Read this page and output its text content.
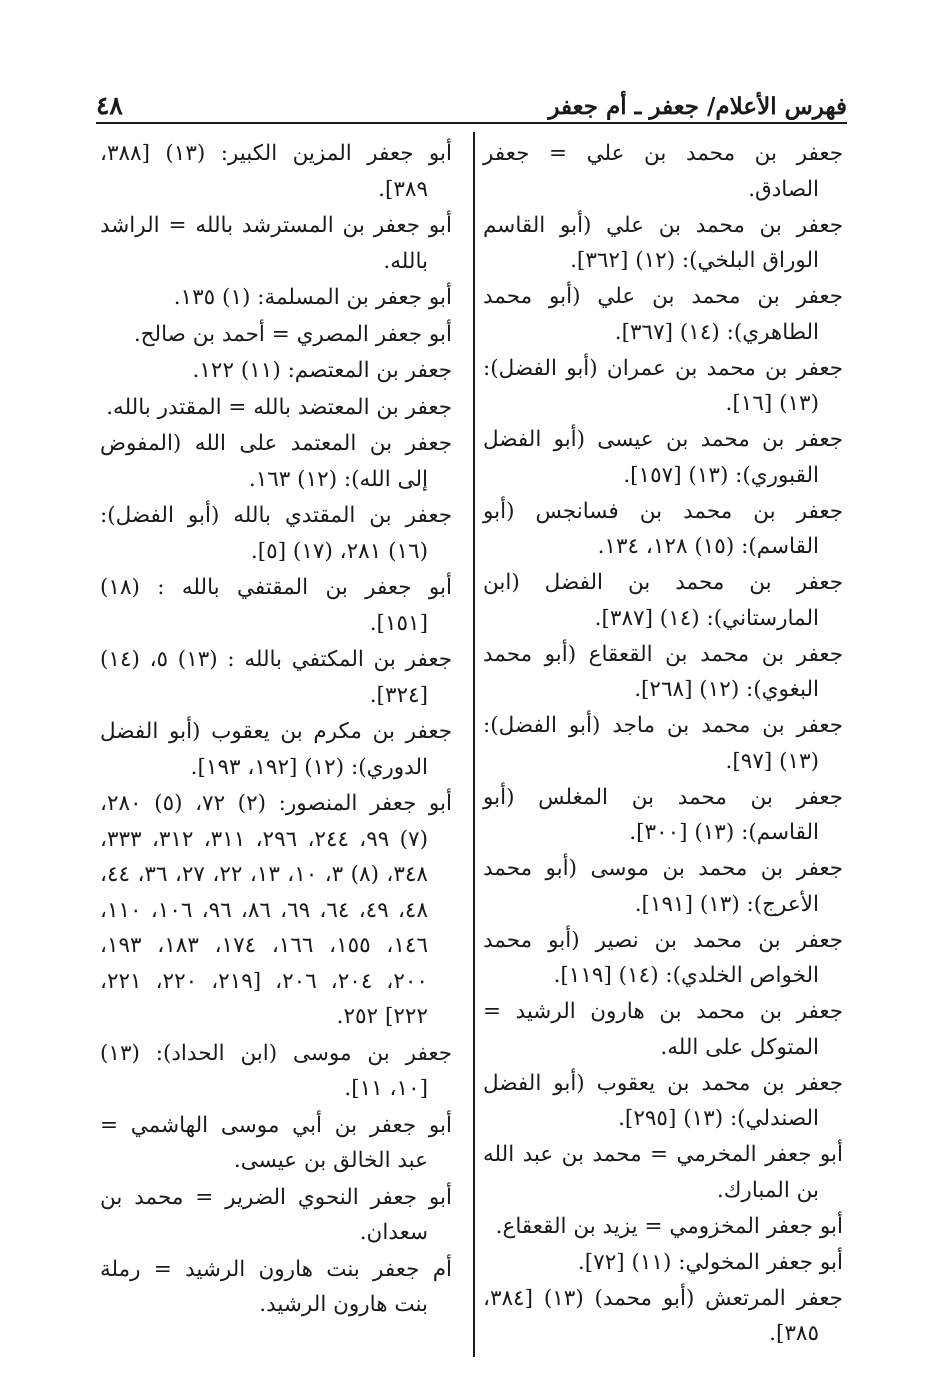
فهرس الأعلام/ جعفر ـ أم جعفر
٤٨

جعفر بن محمد بن علي = جعفر الصادق.

جعفر بن محمد بن علي (أبو القاسم الوراق البلخي): (١٢) [٣٦٢].

جعفر بن محمد بن علي (أبو محمد الطاهري): (١٤) [٣٦٧].

جعفر بن محمد بن عمران (أبو الفضل): (١٣) [١٦].

جعفر بن محمد بن عيسى (أبو الفضل القبوري): (١٣) [١٥٧].

جعفر بن محمد بن فسانجس (أبو القاسم): (١٥) ١٢٨، ١٣٤.

جعفر بن محمد بن الفضل (ابن المارستاني): (١٤) [٣٨٧].

جعفر بن محمد بن القعقاع (أبو محمد البغوي): (١٢) [٢٦٨].

جعفر بن محمد بن ماجد (أبو الفضل): (١٣) [٩٧].

جعفر بن محمد بن المغلس (أبو القاسم): (١٣) [٣٠٠].

جعفر بن محمد بن موسى (أبو محمد الأعرج): (١٣) [١٩١].

جعفر بن محمد بن نصير (أبو محمد الخواص الخلدي): (١٤) [١١٩].

جعفر بن محمد بن هارون الرشيد = المتوكل على الله.

جعفر بن محمد بن يعقوب (أبو الفضل الصندلي): (١٣) [٢٩٥].

أبو جعفر المخرمي = محمد بن عبد الله بن المبارك.

أبو جعفر المخزومي = يزيد بن القعقاع.

أبو جعفر المخولي: (١١) [٧٢].

جعفر المرتعش (أبو محمد) (١٣) [٣٨٤، ٣٨٥].

أبو جعفر المزين الكبير: (١٣) [٣٨٨، ٣٨٩].

أبو جعفر بن المسترشد بالله = الراشد بالله.

أبو جعفر بن المسلمة: (١) ١٣٥.

أبو جعفر المصري = أحمد بن صالح.

جعفر بن المعتصم: (١١) ١٢٢.

جعفر بن المعتضد بالله = المقتدر بالله.

جعفر بن المعتمد على الله (المفوض إلى الله): (١٢) ١٦٣.

جعفر بن المقتدي بالله (أبو الفضل): (١٦) ٢٨١، (١٧) [٥].

أبو جعفر بن المقتفي بالله : (١٨) [١٥١].

جعفر بن المكتفي بالله : (١٣) ٥، (١٤) [٣٢٤].

جعفر بن مكرم بن يعقوب (أبو الفضل الدوري): (١٢) [١٩٢، ١٩٣].

أبو جعفر المنصور: (٢) ٧٢، (٥) ٢٨٠، (٧) ٩٩، ٢٤٤، ٢٩٦، ٣١١، ٣١٢، ٣٣٣، ٣٤٨، (٨) ٣، ١٠، ١٣، ٢٢، ٢٧، ٣٦، ٤٤، ٤٨، ٤٩، ٦٤، ٦٩، ٨٦، ٩٦، ١٠٦، ١١٠، ١٤٦، ١٥٥، ١٦٦، ١٧٤، ١٨٣، ١٩٣، ٢٠٠، ٢٠٤، ٢٠٦، [٢١٩، ٢٢٠، ٢٢١، ٢٢٢] ٢٥٢.

جعفر بن موسى (ابن الحداد): (١٣) [١٠، ١١].

أبو جعفر بن أبي موسى الهاشمي = عبد الخالق بن عيسى.

أبو جعفر النحوي الضرير = محمد بن سعدان.

أم جعفر بنت هارون الرشيد = رملة بنت هارون الرشيد.
